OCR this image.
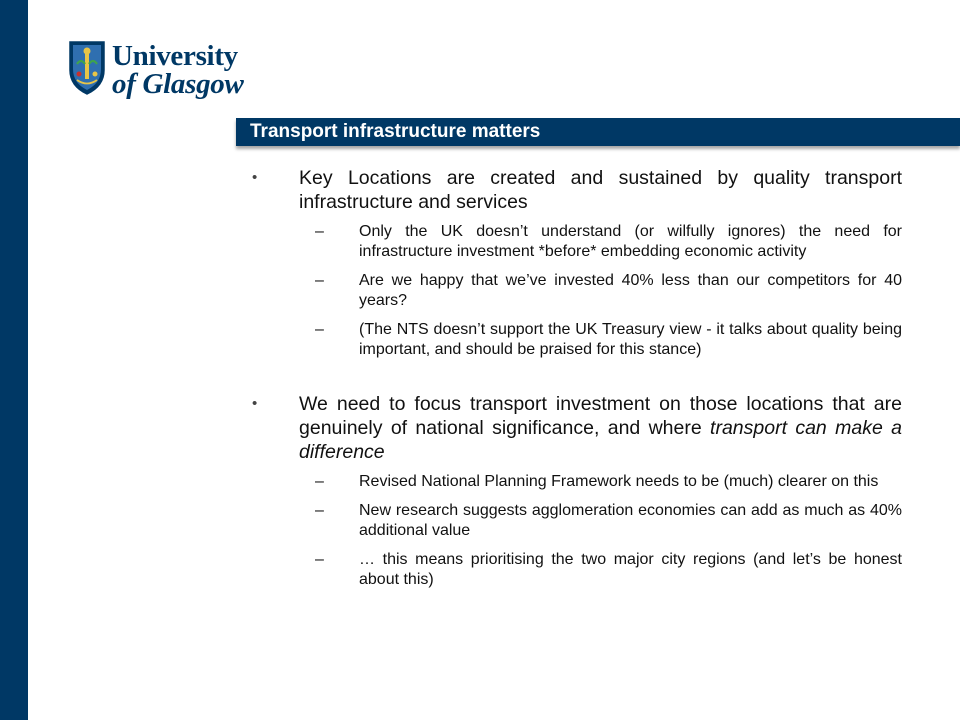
University
of Glasgow
Transport infrastructure matters
• Key Locations are created and sustained by quality transport infrastructure and services
– Only the UK doesn’t understand (or wilfully ignores) the need for infrastructure investment *before* embedding economic activity
– Are we happy that we’ve invested 40% less than our competitors for 40 years?
– (The NTS doesn’t support the UK Treasury view - it talks about quality being important, and should be praised for this stance)
• We need to focus transport investment on those locations that are genuinely of national significance, and where transport can make a difference
– Revised National Planning Framework needs to be (much) clearer on this
– New research suggests agglomeration economies can add as much as 40% additional value
– … this means prioritising the two major city regions (and let’s be honest about this)
